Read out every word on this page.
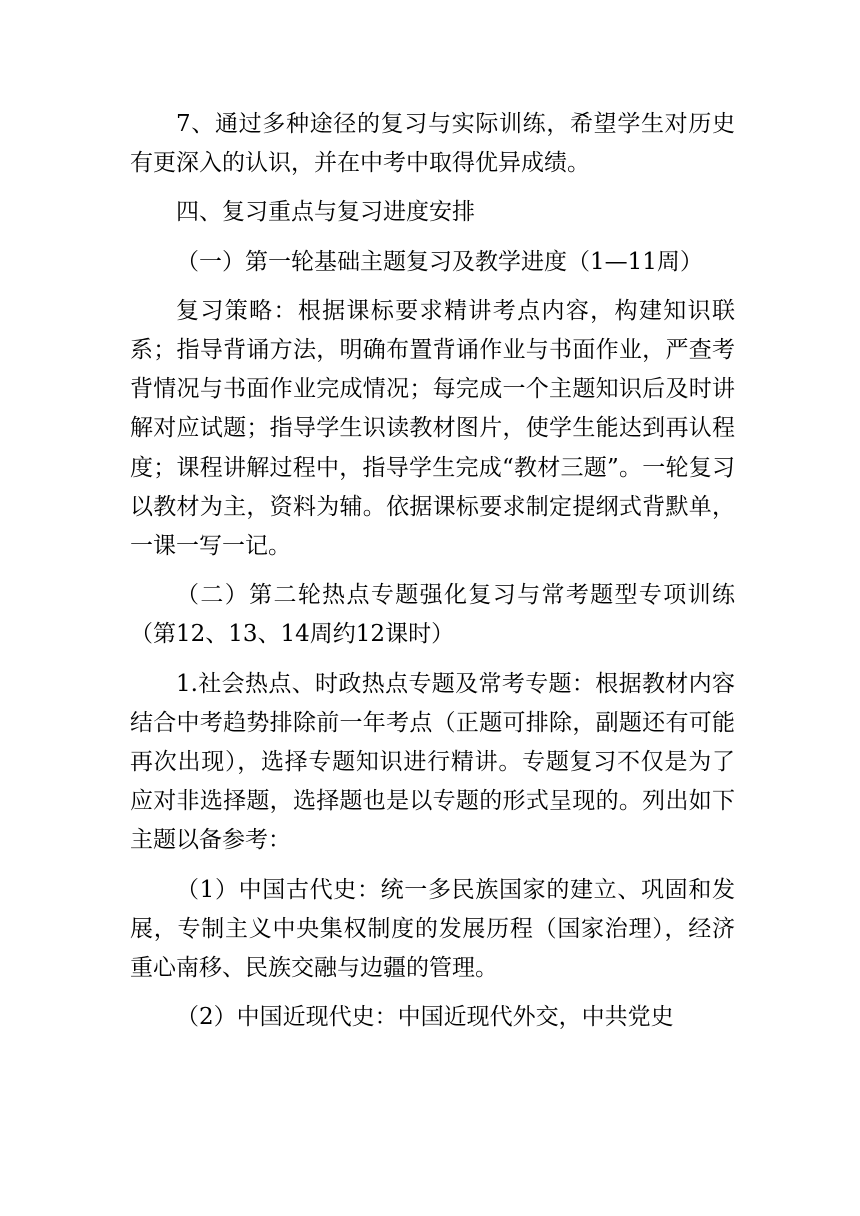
7、通过多种途径的复习与实际训练，希望学生对历史有更深入的认识，并在中考中取得优异成绩。

四、复习重点与复习进度安排

（一）第一轮基础主题复习及教学进度（1—11周）

复习策略：根据课标要求精讲考点内容，构建知识联系；指导背诵方法，明确布置背诵作业与书面作业，严查考背情况与书面作业完成情况；每完成一个主题知识后及时讲解对应试题；指导学生识读教材图片，使学生能达到再认程度；课程讲解过程中，指导学生完成“教材三题”。一轮复习以教材为主，资料为辅。依据课标要求制定提纲式背默单，一课一写一记。

（二）第二轮热点专题强化复习与常考题型专项训练（第12、13、14周约12课时）

1.社会热点、时政热点专题及常考专题：根据教材内容结合中考趋势排除前一年考点（正题可排除，副题还有可能再次出现），选择专题知识进行精讲。专题复习不仅是为了应对非选择题，选择题也是以专题的形式呈现的。列出如下主题以备参考：

（1）中国古代史：统一多民族国家的建立、巩固和发展，专制主义中央集权制度的发展历程（国家治理），经济重心南移、民族交融与边疆的管理。

（2）中国近现代史：中国近现代外交，中共党史
